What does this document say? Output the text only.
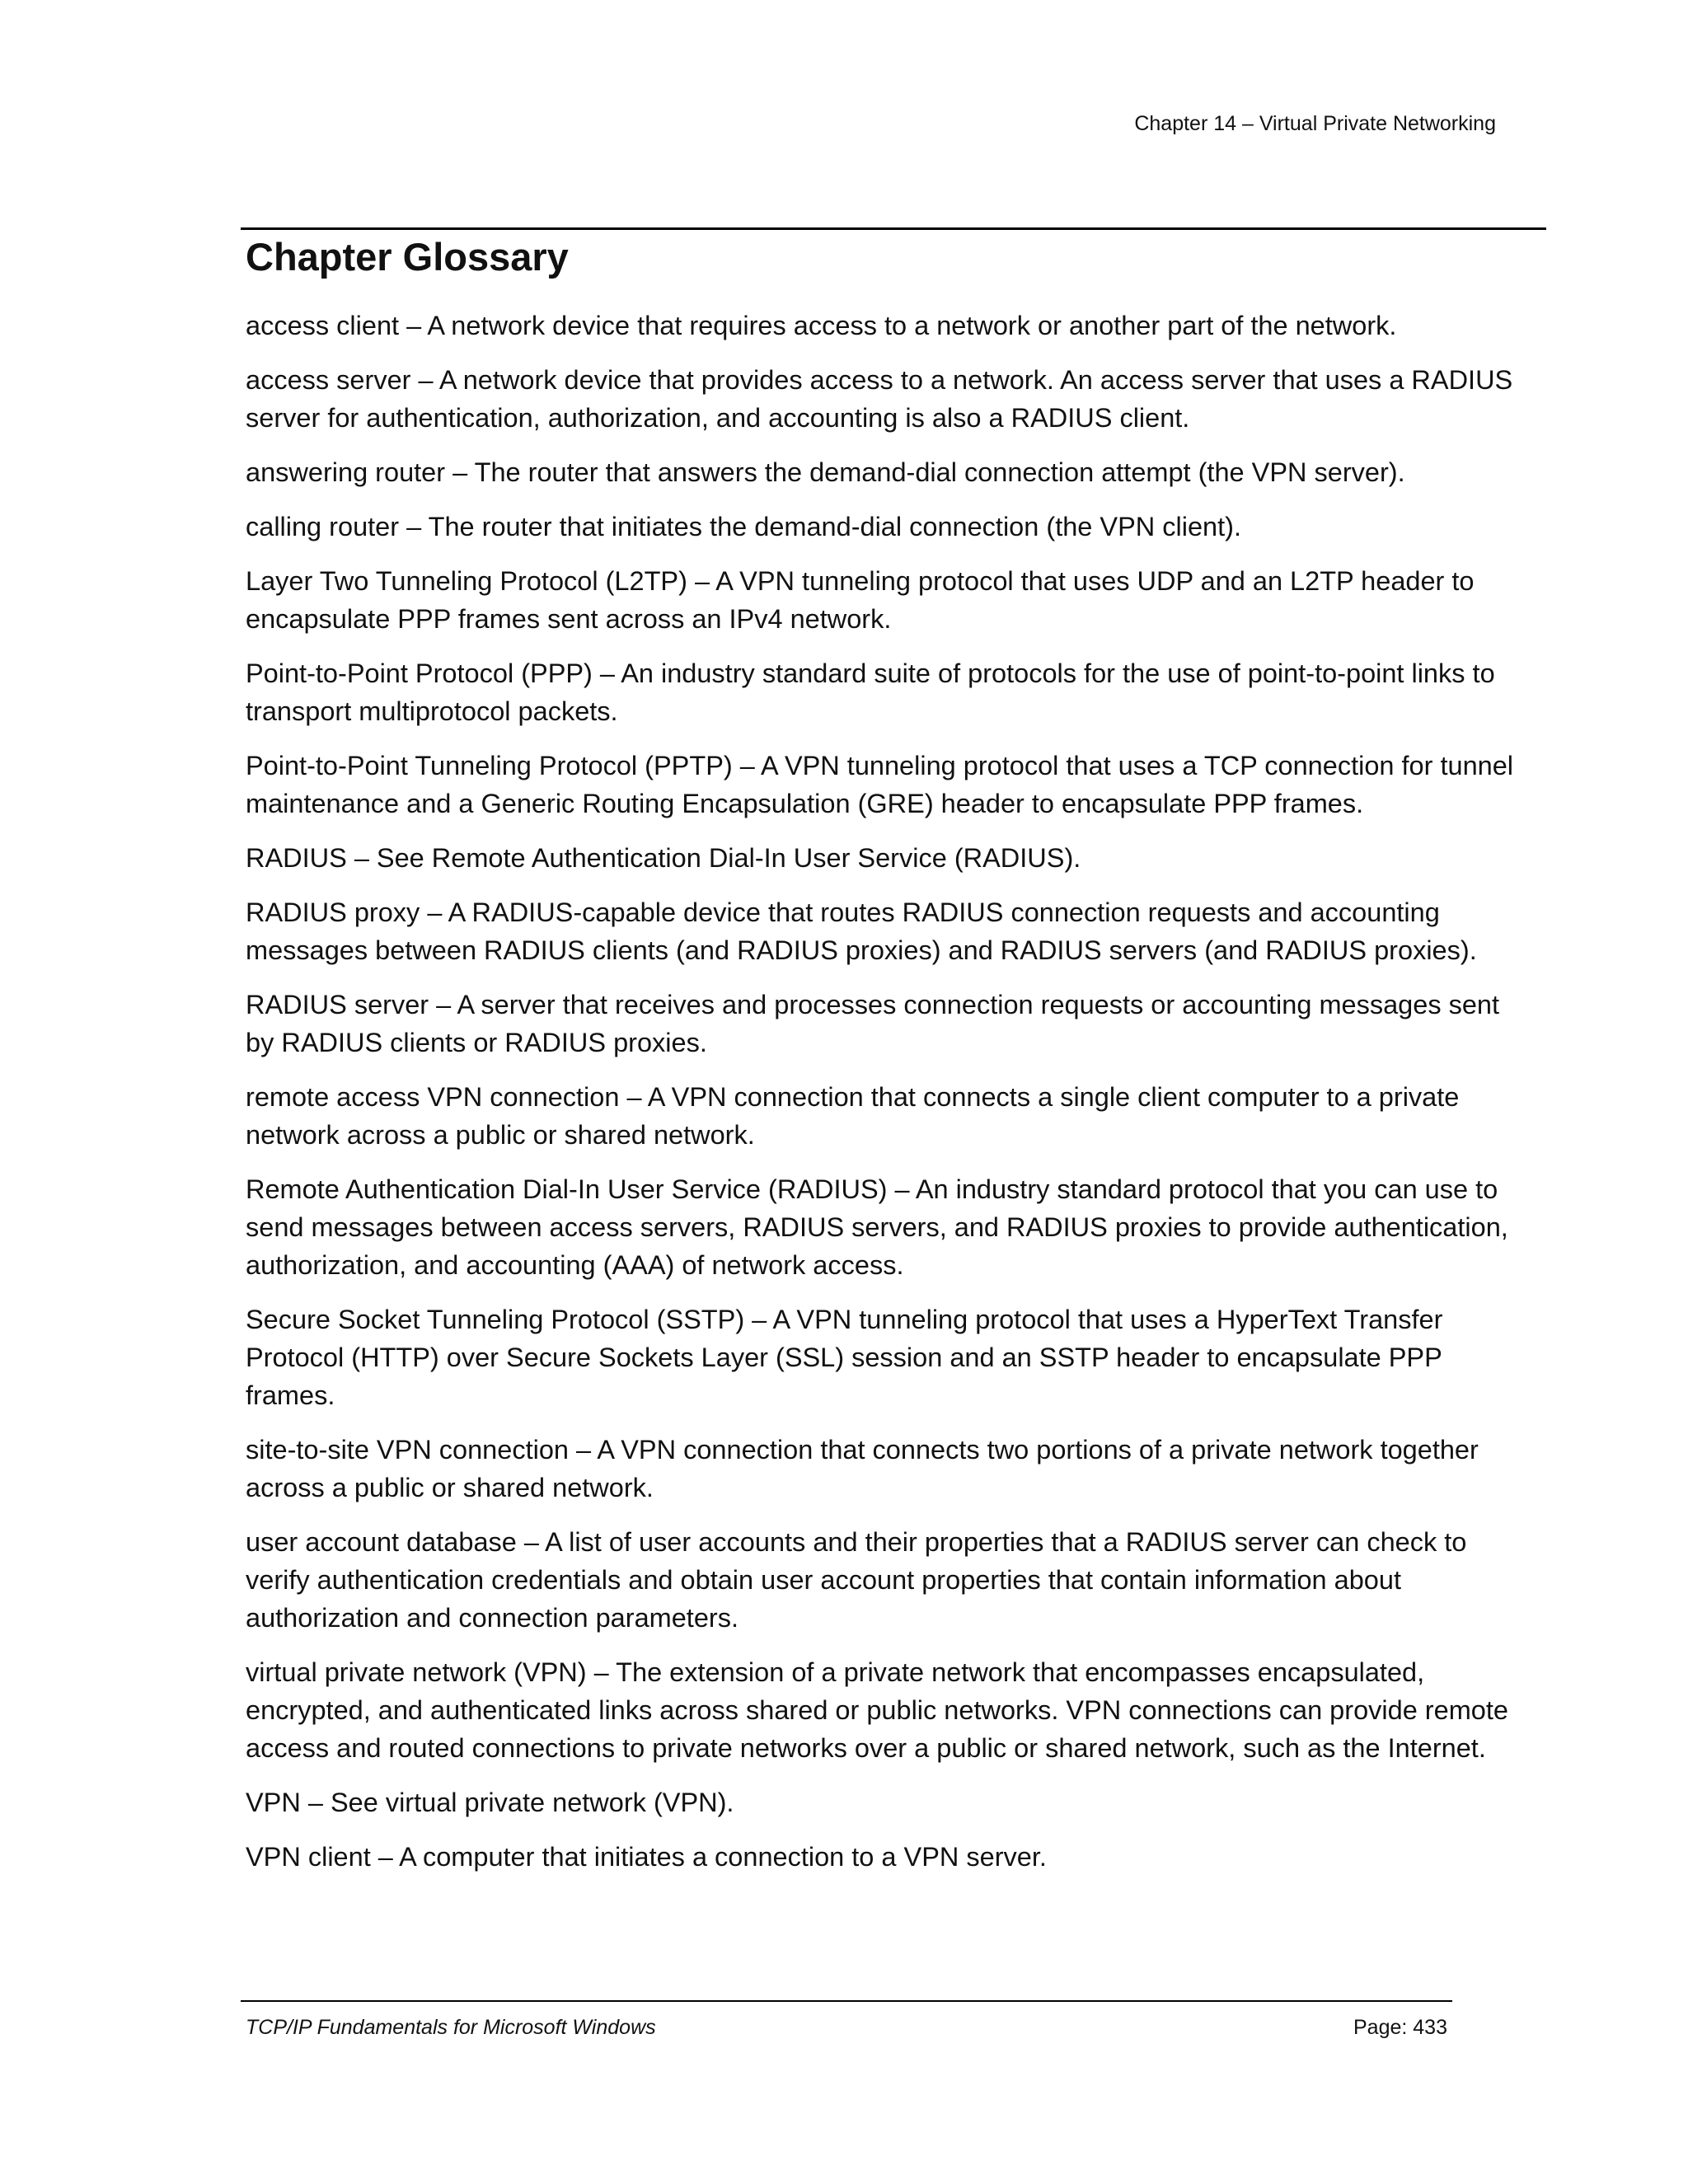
Chapter 14 – Virtual Private Networking
Chapter Glossary

access client – A network device that requires access to a network or another part of the network.

access server – A network device that provides access to a network. An access server that uses a RADIUS server for authentication, authorization, and accounting is also a RADIUS client.

answering router – The router that answers the demand-dial connection attempt (the VPN server).

calling router – The router that initiates the demand-dial connection (the VPN client).

Layer Two Tunneling Protocol (L2TP) – A VPN tunneling protocol that uses UDP and an L2TP header to encapsulate PPP frames sent across an IPv4 network.

Point-to-Point Protocol (PPP) – An industry standard suite of protocols for the use of point-to-point links to transport multiprotocol packets.

Point-to-Point Tunneling Protocol (PPTP) – A VPN tunneling protocol that uses a TCP connection for tunnel maintenance and a Generic Routing Encapsulation (GRE) header to encapsulate PPP frames.

RADIUS – See Remote Authentication Dial-In User Service (RADIUS).

RADIUS proxy – A RADIUS-capable device that routes RADIUS connection requests and accounting messages between RADIUS clients (and RADIUS proxies) and RADIUS servers (and RADIUS proxies).

RADIUS server – A server that receives and processes connection requests or accounting messages sent by RADIUS clients or RADIUS proxies.

remote access VPN connection – A VPN connection that connects a single client computer to a private network across a public or shared network.

Remote Authentication Dial-In User Service (RADIUS) – An industry standard protocol that you can use to send messages between access servers, RADIUS servers, and RADIUS proxies to provide authentication, authorization, and accounting (AAA) of network access.

Secure Socket Tunneling Protocol (SSTP) – A VPN tunneling protocol that uses a HyperText Transfer Protocol (HTTP) over Secure Sockets Layer (SSL) session and an SSTP header to encapsulate PPP frames.

site-to-site VPN connection – A VPN connection that connects two portions of a private network together across a public or shared network.

user account database – A list of user accounts and their properties that a RADIUS server can check to verify authentication credentials and obtain user account properties that contain information about authorization and connection parameters.

virtual private network (VPN) – The extension of a private network that encompasses encapsulated, encrypted, and authenticated links across shared or public networks. VPN connections can provide remote access and routed connections to private networks over a public or shared network, such as the Internet.

VPN – See virtual private network (VPN).

VPN client – A computer that initiates a connection to a VPN server.

TCP/IP Fundamentals for Microsoft Windows	Page: 433
